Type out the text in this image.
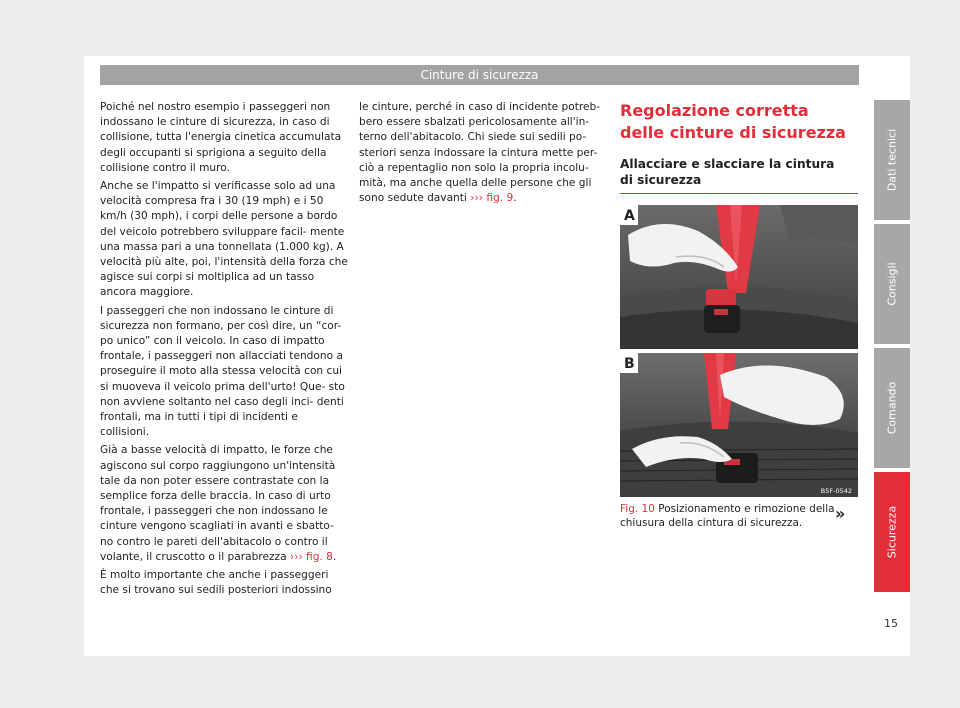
Cinture di sicurezza

Poiché nel nostro esempio i passeggeri non indossano le cinture di sicurezza, in caso di collisione, tutta l'energia cinetica accumulata degli occupanti si sprigiona a seguito della collisione contro il muro.

Anche se l'impatto si verificasse solo ad una velocità compresa fra i 30 (19 mph) e i 50 km/h (30 mph), i corpi delle persone a bordo del veicolo potrebbero svilupparе facil- mente una massa pari a una tonnellata (1.000 kg). A velocità più alte, poi, l'intensità della forza che agisce sui corpi si moltiplica ad un tasso ancora maggiore.

I passeggeri che non indossano le cinture di sicurezza non formano, per così dire, un “cor- po unico” con il veicolo. In caso di impatto frontale, i passeggeri non allacciati tendono a proseguire il moto alla stessa velocità con cui si muoveva il veicolo prima dell'urto! Que- sto non avviene soltanto nel caso degli inci- denti frontali, ma in tutti i tipi di incidenti e collisioni.

Già a basse velocità di impatto, le forze che agiscono sul corpo raggiungono un'intensità tale da non poter essere contrastate con la semplice forza delle braccia. In caso di urto frontale, i passeggeri che non indossano le cinture vengono scagliati in avanti e sbatto- no contro le pareti dell'abitacolo o contro il volante, il cruscotto o il parabrezza ››› fig. 8.

È molto importante che anche i passeggeri che si trovano sui sedili posteriori indossino

le cinture, perché in caso di incidente potreb- bero essere sbalzati pericolosamente all'in- terno dell'abitacolo. Chi siede sui sedili po- steriori senza indossare la cintura mette per- ciò a repentaglio non solo la propria incolu- mità, ma anche quella delle persone che gli sono sedute davanti ››› fig. 9.

Regolazione corretta delle cinture di sicurezza
Allacciare e slacciare la cintura di sicurezza
A
B
B5F-0542
Fig. 10 Posizionamento e rimozione della chiusura della cintura di sicurezza.	»
Dati tecnici
Consigli
Comando
Sicurezza
15
